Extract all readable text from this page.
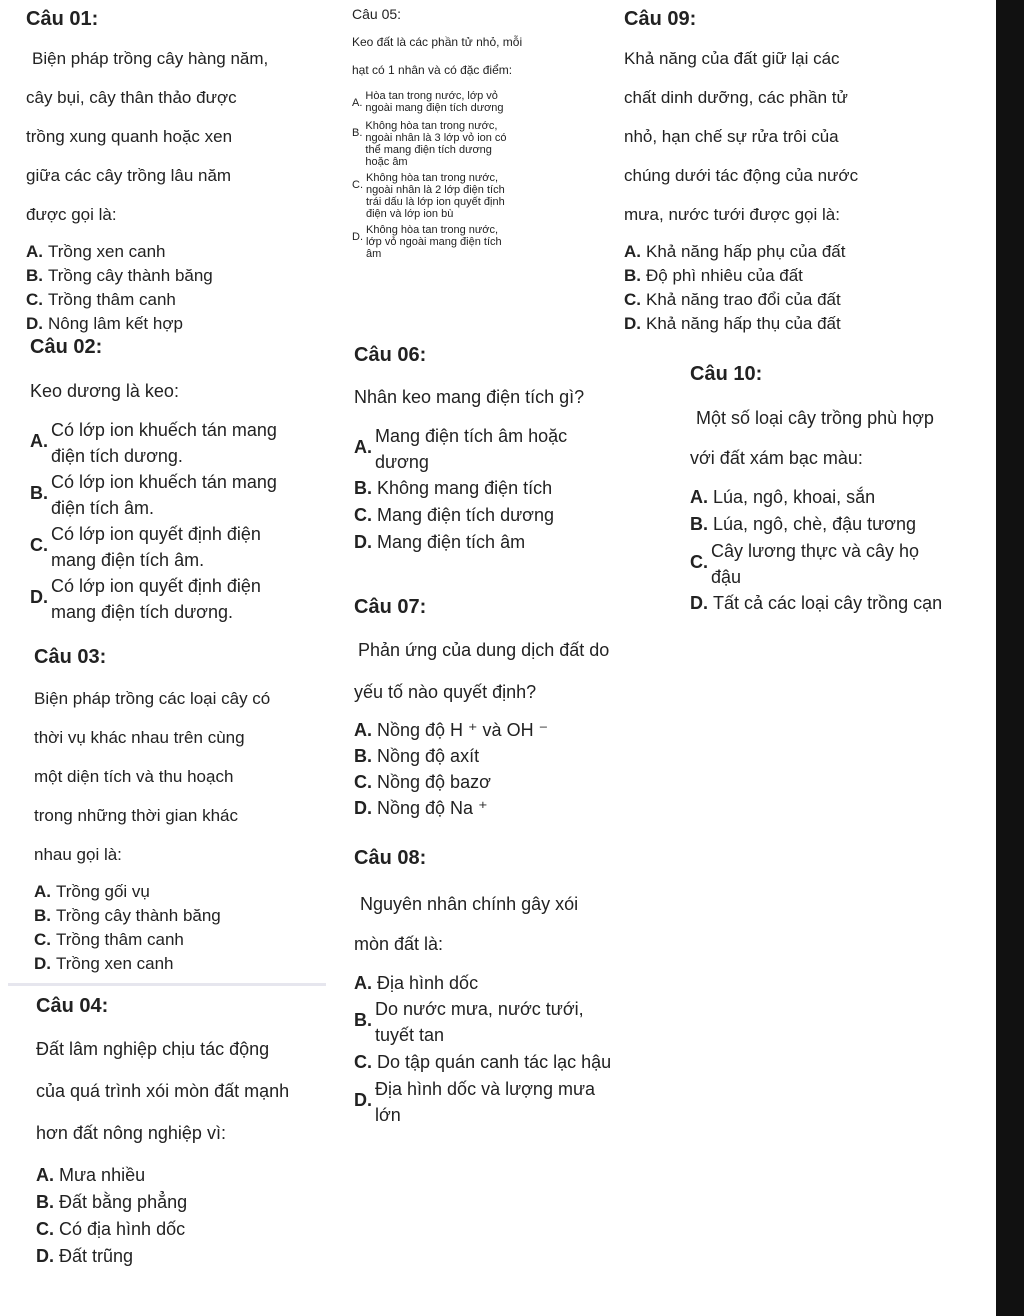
Câu 01:
Biện pháp trồng cây hàng năm,
cây bụi, cây thân thảo được
trồng xung quanh hoặc xen
giữa các cây trồng lâu năm
được gọi là:
A. Trồng xen canh
B. Trồng cây thành băng
C. Trồng thâm canh
D. Nông lâm kết hợp
Câu 02:
Keo dương là keo:
A.
Có lớp ion khuếch tán mang
điện tích dương.
B.
Có lớp ion khuếch tán mang
điện tích âm.
C.
Có lớp ion quyết định điện
mang điện tích âm.
D.
Có lớp ion quyết định điện
mang điện tích dương.
Câu 03:
Biện pháp trồng các loại cây có
thời vụ khác nhau trên cùng
một diện tích và thu hoạch
trong những thời gian khác
nhau gọi là:
A. Trồng gối vụ
B. Trồng cây thành băng
C. Trồng thâm canh
D. Trồng xen canh
Câu 04:
Đất lâm nghiệp chịu tác động
của quá trình xói mòn đất mạnh
hơn đất nông nghiệp vì:
A. Mưa nhiều
B. Đất bằng phẳng
C. Có địa hình dốc
D. Đất trũng
Câu 05:
Keo đất là các phần tử nhỏ, mỗi
hạt có 1 nhân và có đặc điểm:
A.
Hòa tan trong nước, lớp vỏ
ngoài mang điện tích dương
B.
Không hòa tan trong nước,
ngoài nhân là 3 lớp vỏ ion có
thể mang điện tích dương
hoặc âm
C.
Không hòa tan trong nước,
ngoài nhân là 2 lớp điện tích
trái dấu là lớp ion quyết định
điện và lớp ion bù
D.
Không hòa tan trong nước,
lớp vỏ ngoài mang điện tích
âm
Câu 06:
Nhân keo mang điện tích gì?
A.
Mang điện tích âm hoặc
dương
B. Không mang điện tích
C. Mang điện tích dương
D. Mang điện tích âm
Câu 07:
Phản ứng của dung dịch đất do
yếu tố nào quyết định?
A. Nồng độ H ⁺ và OH ⁻
B. Nồng độ axít
C. Nồng độ bazơ
D. Nồng độ Na ⁺
Câu 08:
Nguyên nhân chính gây xói
mòn đất là:
A. Địa hình dốc
B.
Do nước mưa, nước tưới,
tuyết tan
C. Do tập quán canh tác lạc hậu
D.
Địa hình dốc và lượng mưa
lớn
Câu 09:
Khả năng của đất giữ lại các
chất dinh dưỡng, các phần tử
nhỏ, hạn chế sự rửa trôi của
chúng dưới tác động của nước
mưa, nước tưới được gọi là:
A. Khả năng hấp phụ của đất
B. Độ phì nhiêu của đất
C. Khả năng trao đổi của đất
D. Khả năng hấp thụ của đất
Câu 10:
Một số loại cây trồng phù hợp
với đất xám bạc màu:
A. Lúa, ngô, khoai, sắn
B. Lúa, ngô, chè, đậu tương
C.
Cây lương thực và cây họ
đậu
D. Tất cả các loại cây trồng cạn
